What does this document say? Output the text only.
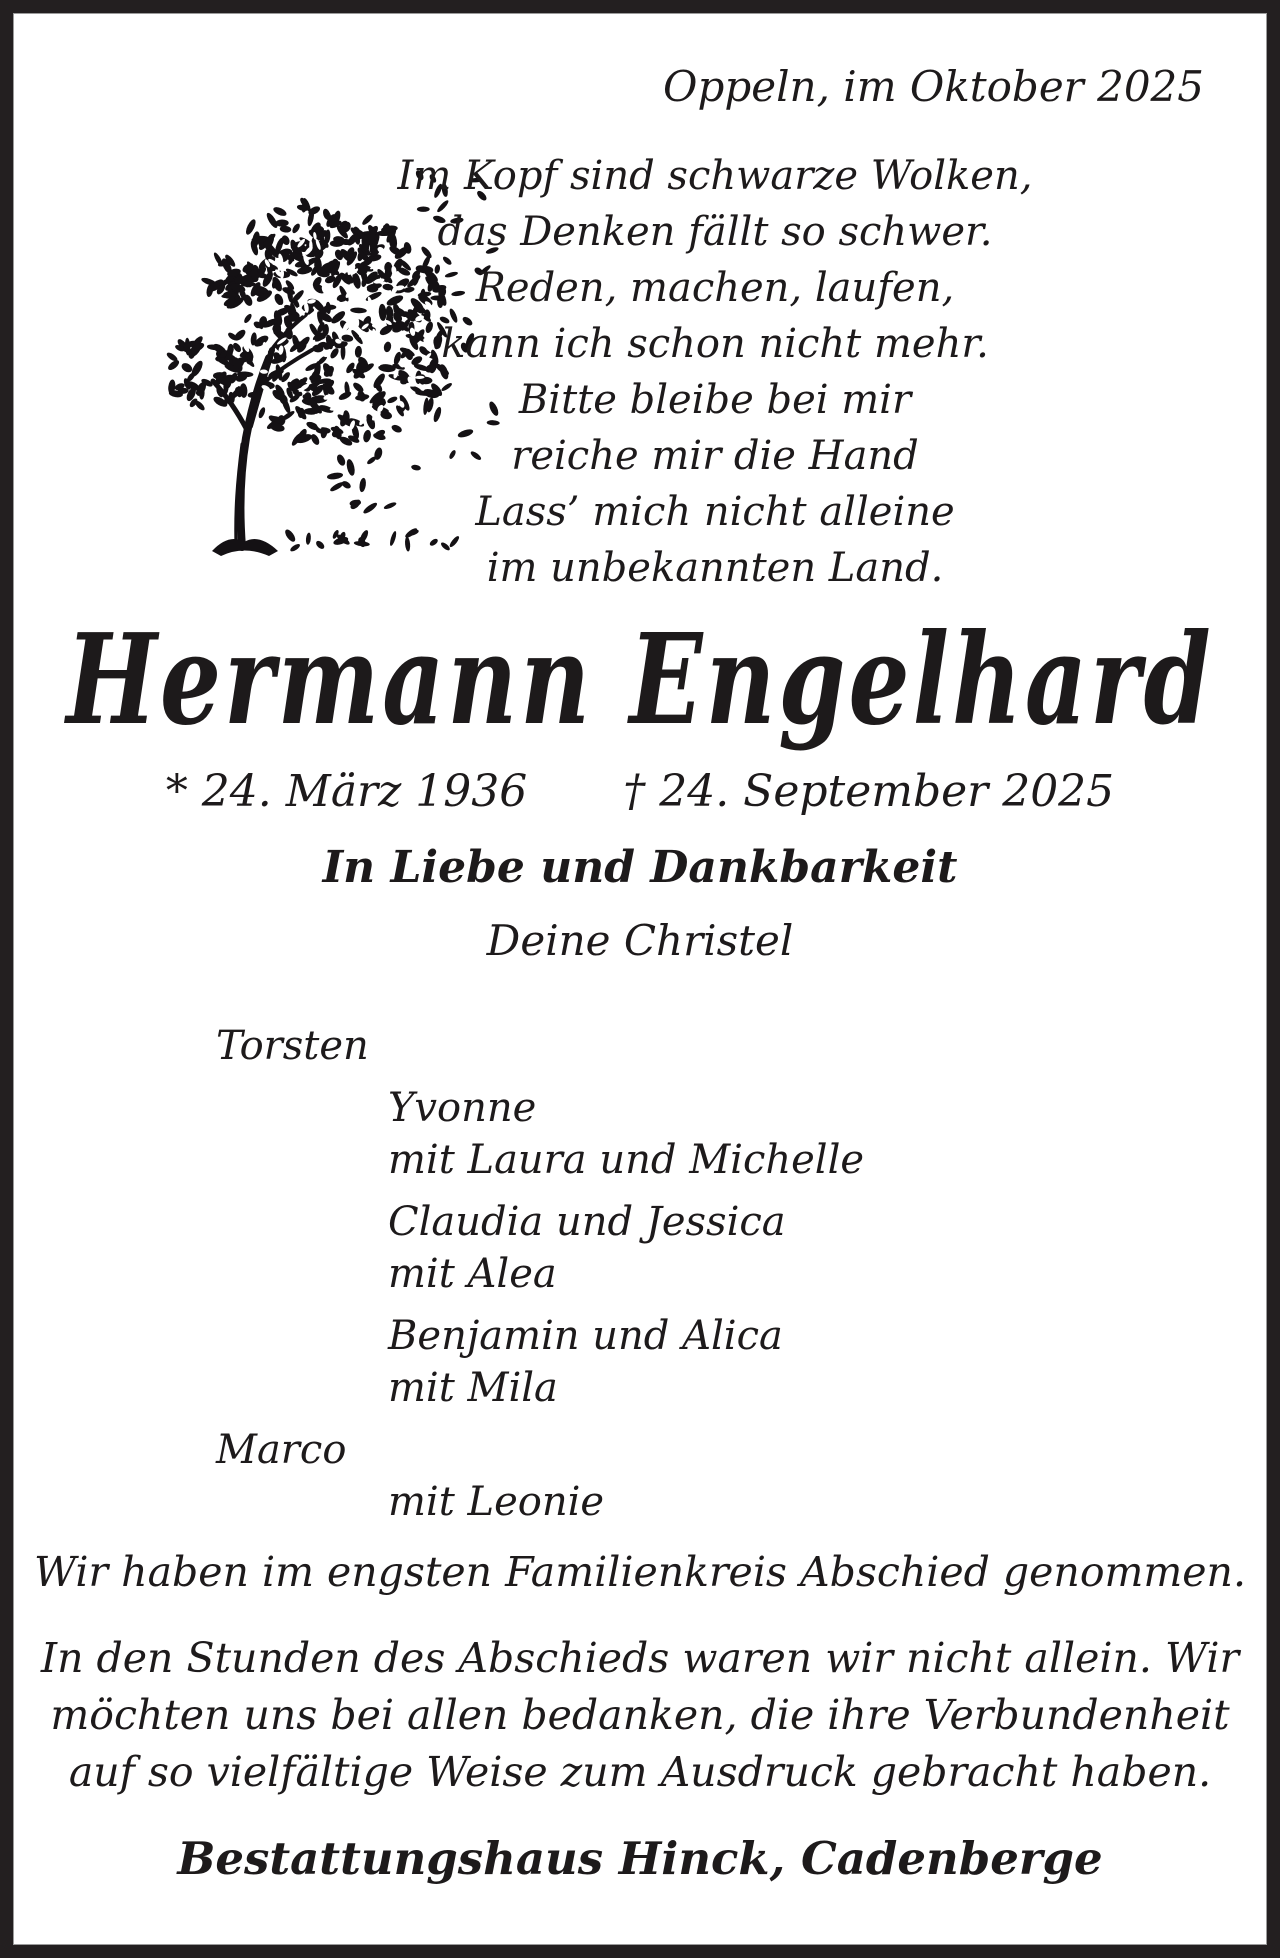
Oppeln, im Oktober 2025
Im Kopf sind schwarze Wolken,
das Denken fällt so schwer.
Reden, machen, laufen,
kann ich schon nicht mehr.
Bitte bleibe bei mir
reiche mir die Hand
Lass’ mich nicht alleine
im unbekannten Land.
Hermann Engelhard
* 24. März 1936 † 24. September 2025
In Liebe und Dankbarkeit
Deine Christel
Torsten
Yvonne
mit Laura und Michelle
Claudia und Jessica
mit Alea
Benjamin und Alica
mit Mila
Marco
mit Leonie
Wir haben im engsten Familienkreis Abschied genommen.
In den Stunden des Abschieds waren wir nicht allein. Wir
möchten uns bei allen bedanken, die ihre Verbundenheit
auf so vielfältige Weise zum Ausdruck gebracht haben.
Bestattungshaus Hinck, Cadenberge
